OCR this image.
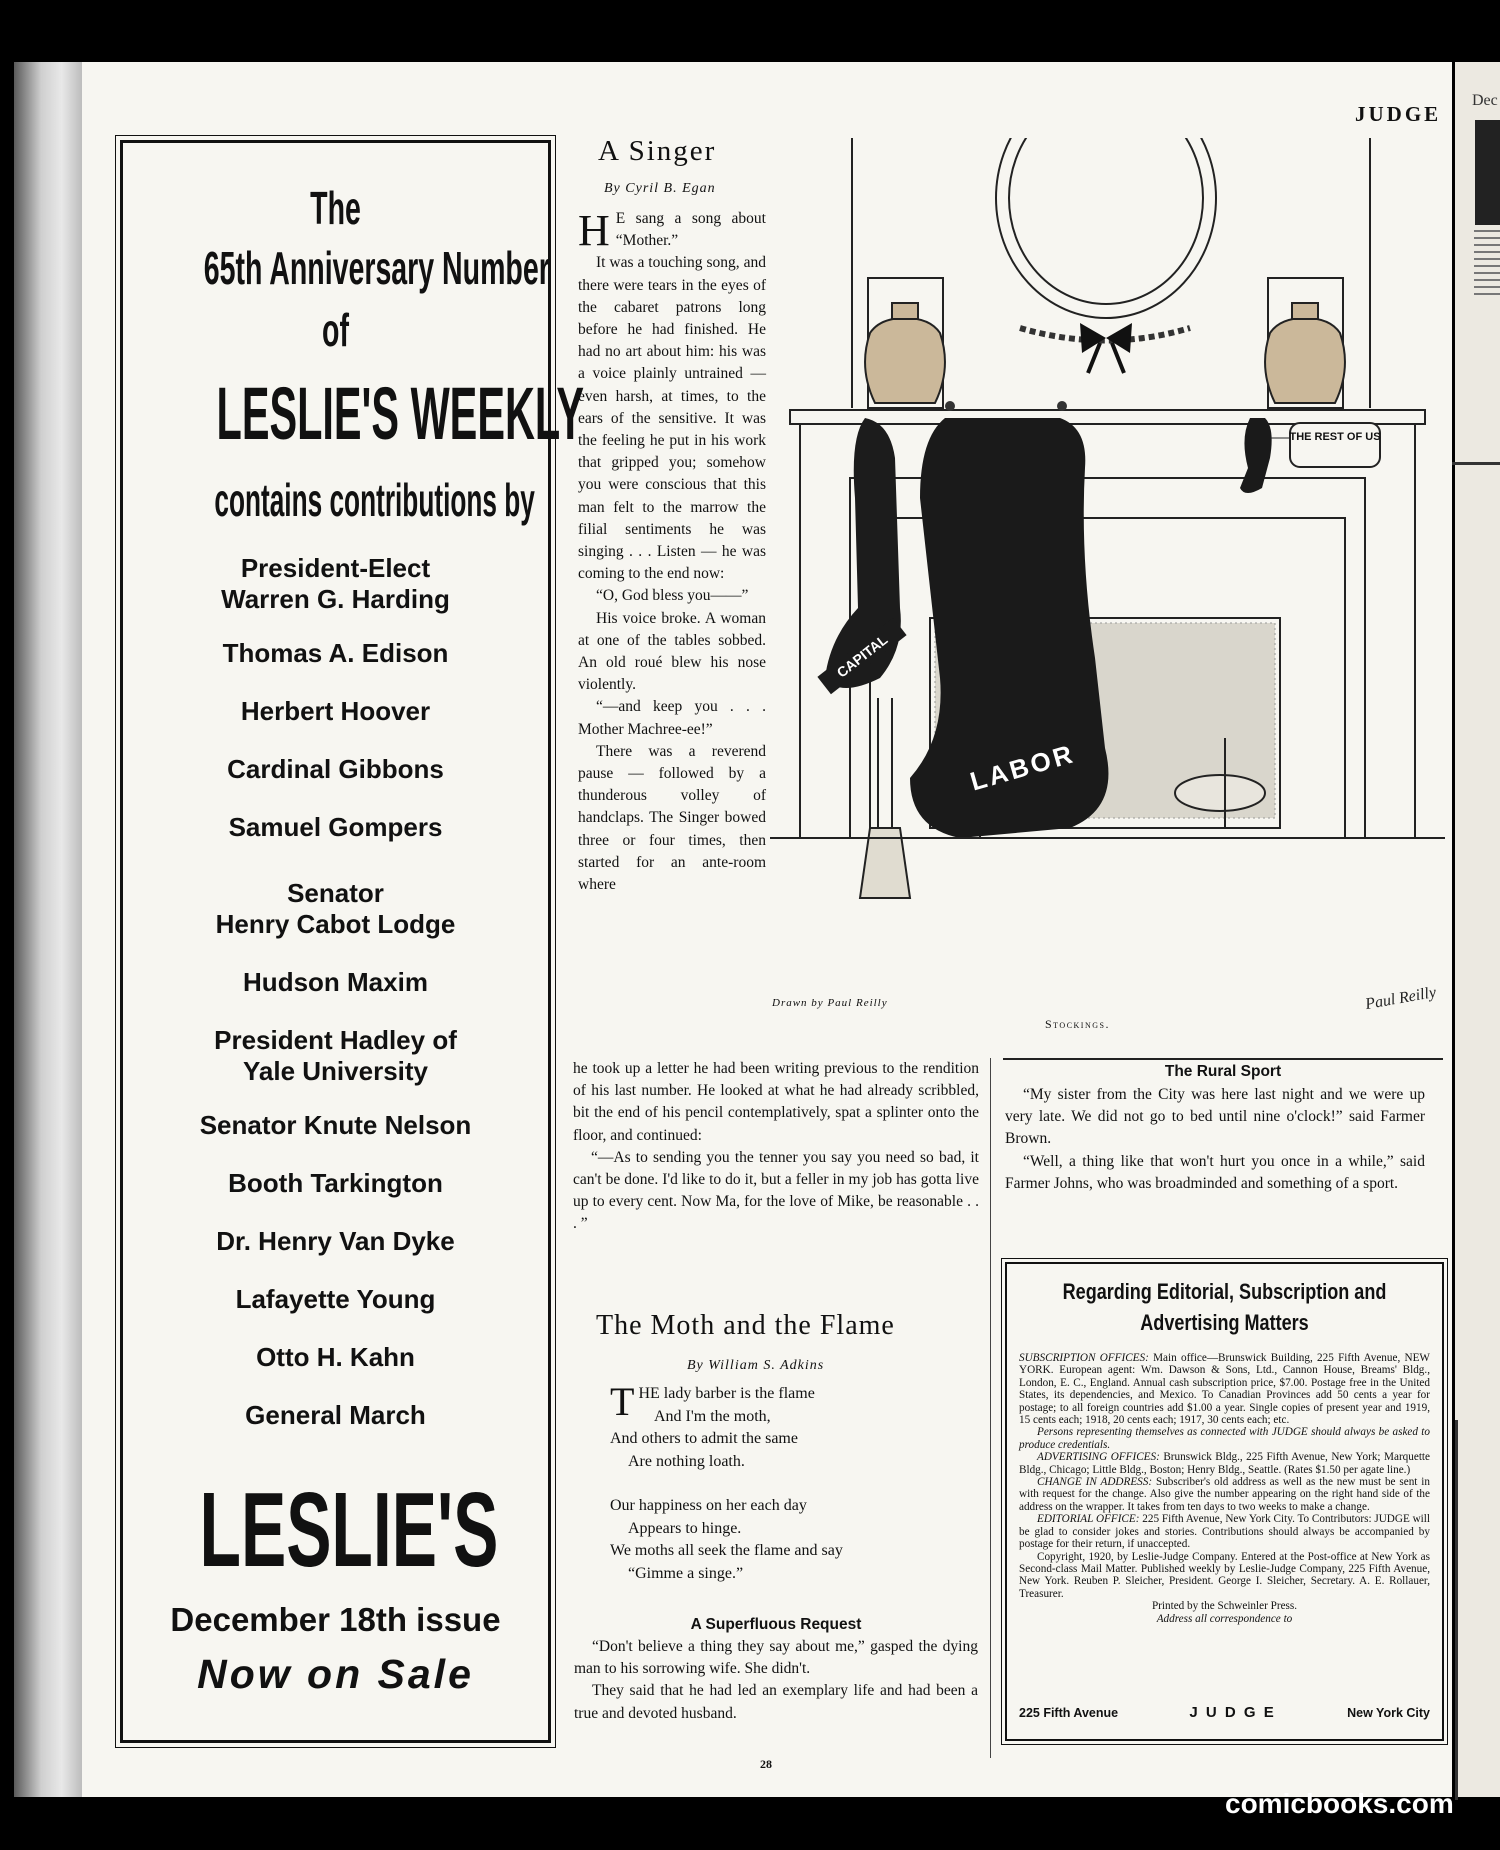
Dec
JUDGE
The
65th Anniversary Number
of
LESLIE'S WEEKLY
contains contributions by
President-Elect
Warren G. Harding
Thomas A. Edison
Herbert Hoover
Cardinal Gibbons
Samuel Gompers
Senator
Henry Cabot Lodge
Hudson Maxim
President Hadley of
Yale University
Senator Knute Nelson
Booth Tarkington
Dr. Henry Van Dyke
Lafayette Young
Otto H. Kahn
General March
LESLIE'S
December 18th issue
Now on Sale
A Singer
By Cyril B. Egan
H E sang a song about “Mother.”

It was a touching song, and there were tears in the eyes of the cabaret patrons long before he had finished. He had no art about him: his was a voice plainly untrained — even harsh, at times, to the ears of the sensitive. It was the feeling he put in his work that gripped you; somehow you were conscious that this man felt to the marrow the filial sentiments he was singing . . . Listen — he was coming to the end now:

“O, God bless you——”

His voice broke. A woman at one of the tables sobbed. An old roué blew his nose violently.

“—and keep you . . . Mother Machree-ee!”

There was a reverend pause — followed by a thunderous volley of handclaps. The Singer bowed three or four times, then started for an ante-room where

he took up a letter he had been writing previous to the rendition of his last number. He looked at what he had already scribbled, bit the end of his pencil contemplatively, spat a splinter onto the floor, and continued:

“—As to sending you the tenner you say you need so bad, it can't be done. I'd like to do it, but a feller in my job has gotta live up to every cent. Now Ma, for the love of Mike, be reasonable . . . ”

CAPITAL
LABOR
THE REST OF US
Drawn by Paul Reilly
Stockings.
Paul Reilly
The Rural Sport

“My sister from the City was here last night and we were up very late. We did not go to bed until nine o'clock!” said Farmer Brown.

“Well, a thing like that won't hurt you once in a while,” said Farmer Johns, who was broadminded and something of a sport.

The Moth and the Flame
By William S. Adkins
T HE lady barber is the flame
And I'm the moth,
And others to admit the same
Are nothing loath.
Our happiness on her each day
Appears to hinge.
We moths all seek the flame and say
“Gimme a singe.”
A Superfluous Request

“Don't believe a thing they say about me,” gasped the dying man to his sorrowing wife. She didn't.

They said that he had led an exemplary life and had been a true and devoted husband.

28
Regarding Editorial, Subscription and Advertising Matters

SUBSCRIPTION OFFICES: Main office—Brunswick Building, 225 Fifth Avenue, NEW YORK. European agent: Wm. Dawson & Sons, Ltd., Cannon House, Breams' Bldg., London, E. C., England. Annual cash subscription price, $7.00. Postage free in the United States, its dependencies, and Mexico. To Canadian Provinces add 50 cents a year for postage; to all foreign countries add $1.00 a year. Single copies of present year and 1919, 15 cents each; 1918, 20 cents each; 1917, 30 cents each; etc.

Persons representing themselves as connected with JUDGE should always be asked to produce credentials.

ADVERTISING OFFICES: Brunswick Bldg., 225 Fifth Avenue, New York; Marquette Bldg., Chicago; Little Bldg., Boston; Henry Bldg., Seattle. (Rates $1.50 per agate line.)

CHANGE IN ADDRESS: Subscriber's old address as well as the new must be sent in with request for the change. Also give the number appearing on the right hand side of the address on the wrapper. It takes from ten days to two weeks to make a change.

EDITORIAL OFFICE: 225 Fifth Avenue, New York City. To Contributors: JUDGE will be glad to consider jokes and stories. Contributions should always be accompanied by postage for their return, if unaccepted.

Copyright, 1920, by Leslie-Judge Company. Entered at the Post-office at New York as Second-class Mail Matter. Published weekly by Leslie-Judge Company, 225 Fifth Avenue, New York. Reuben P. Sleicher, President. George I. Sleicher, Secretary. A. E. Rollauer, Treasurer.

Printed by the Schweinler Press.

Address all correspondence to

225 Fifth Avenue	J U D G E	New York City
comicbooks.com
